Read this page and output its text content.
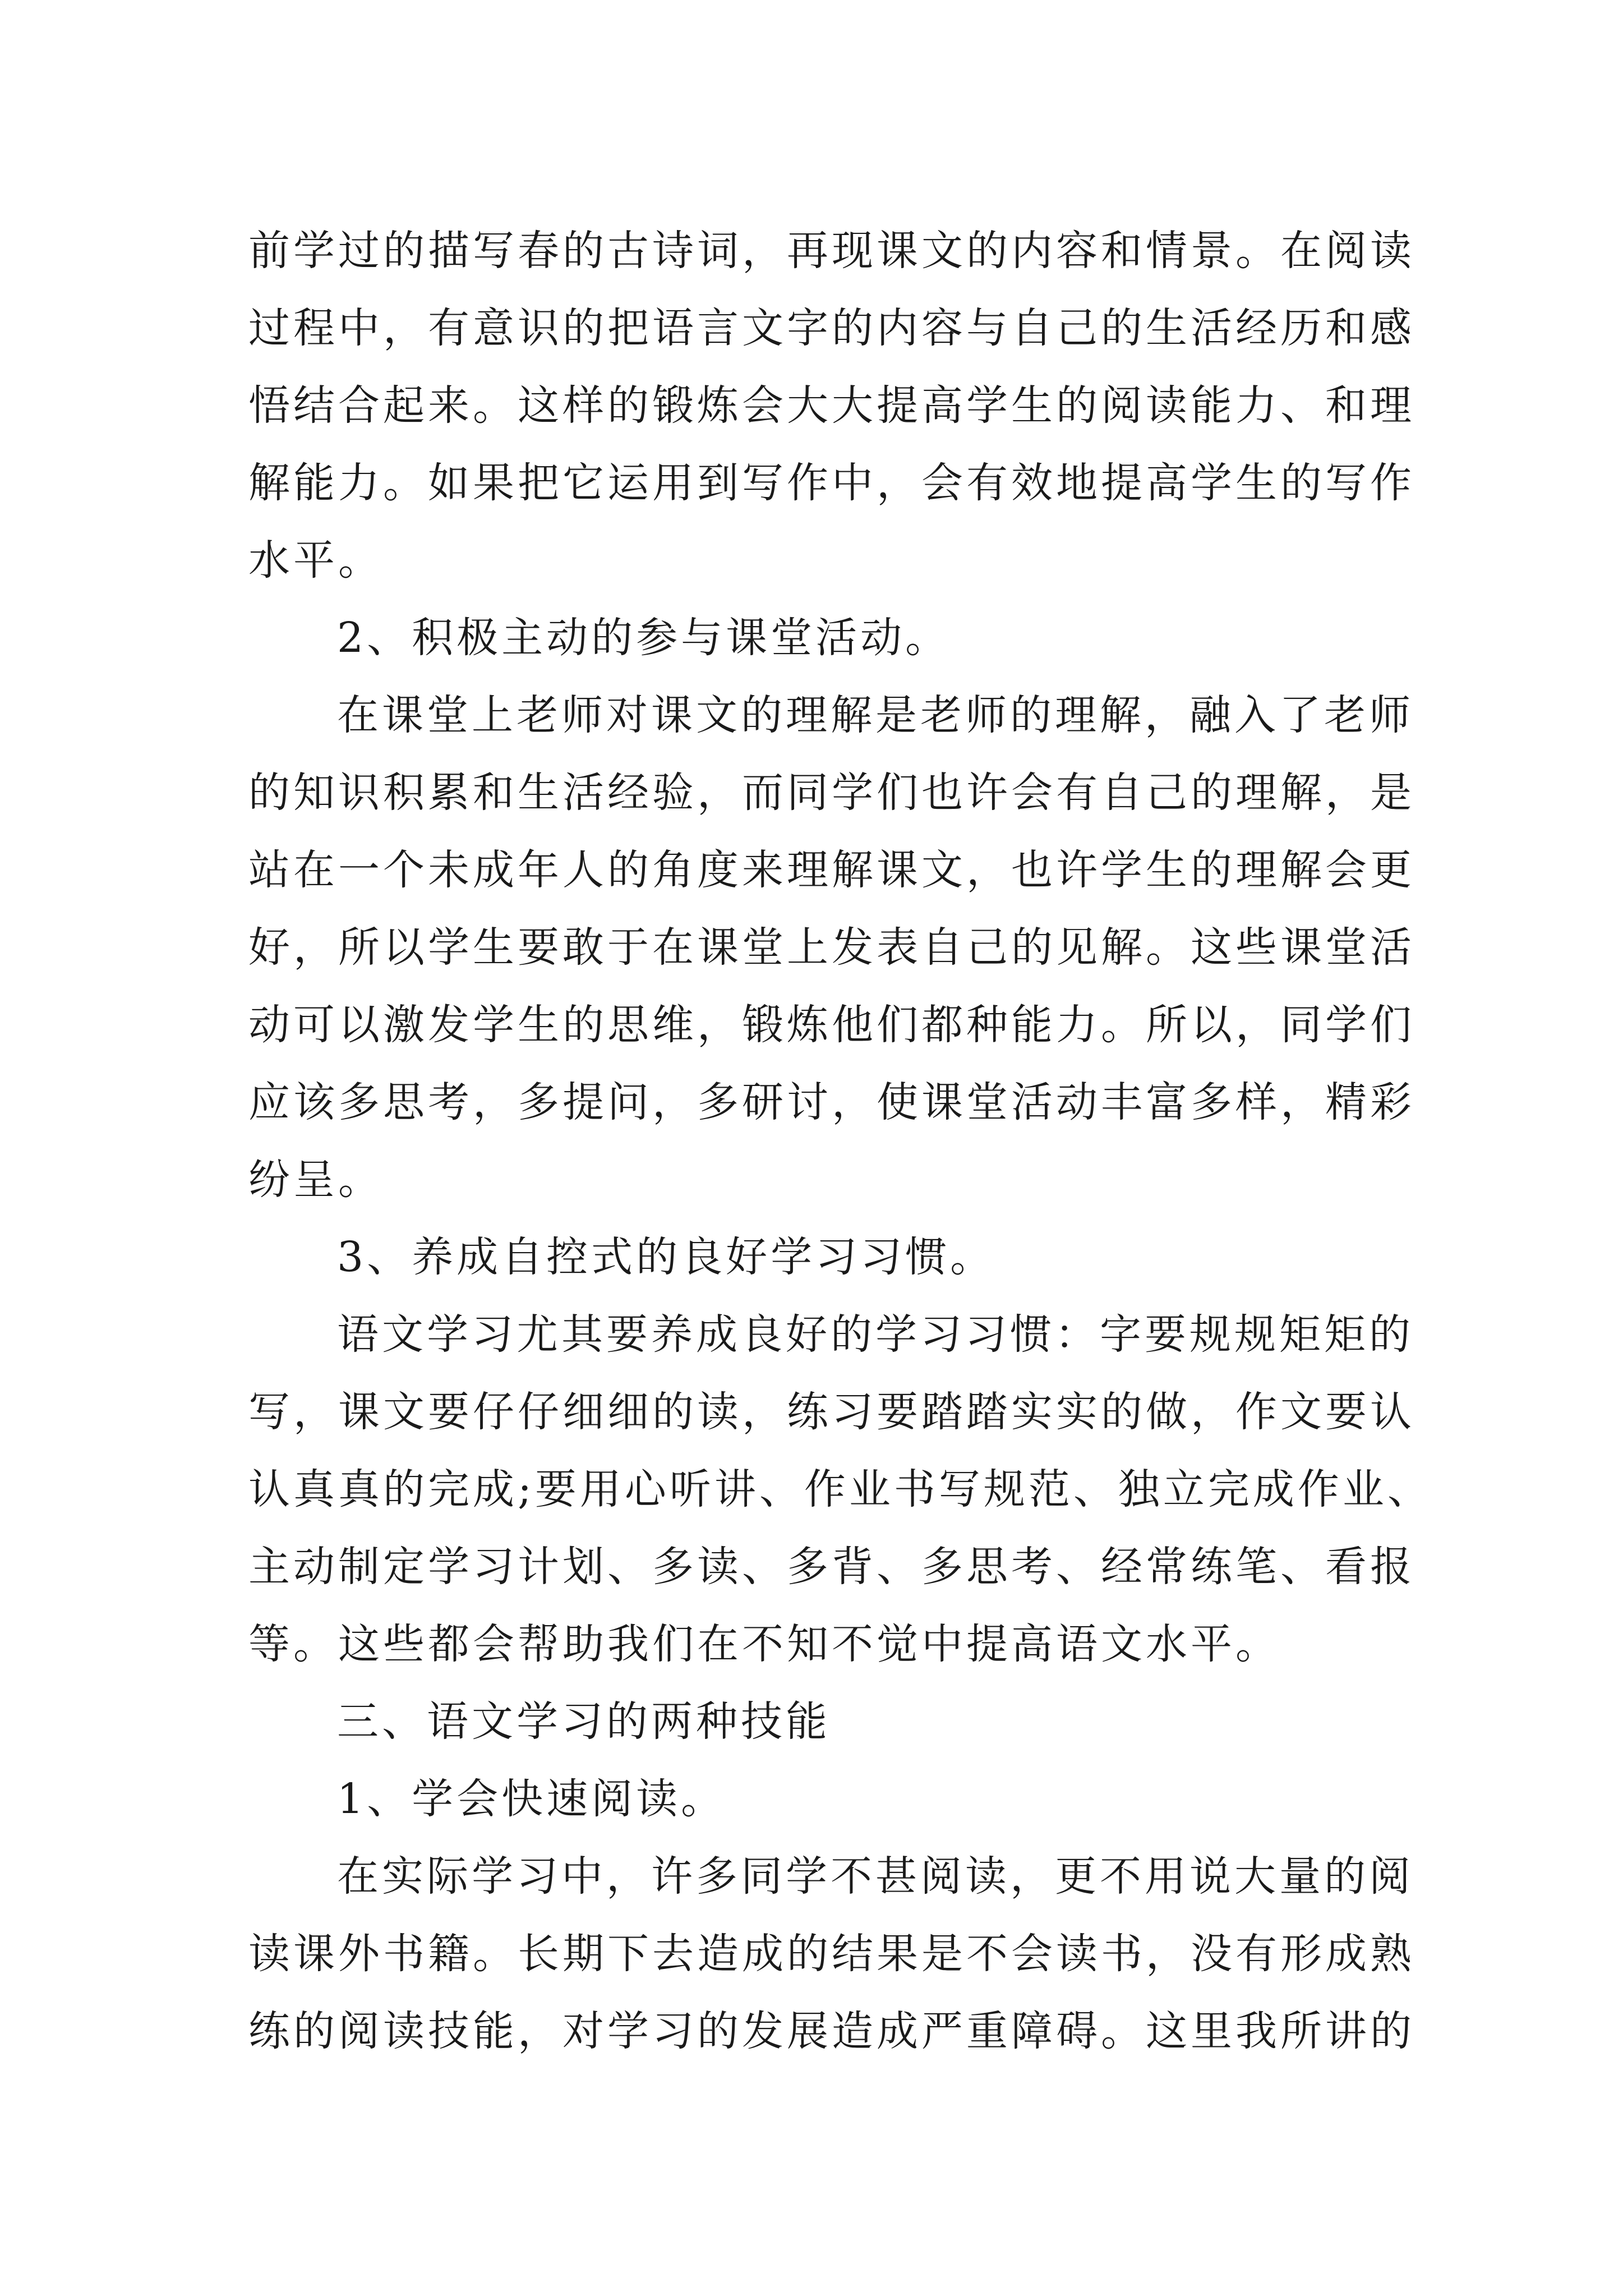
前学过的描写春的古诗词，再现课文的内容和情景。在阅读
过程中，有意识的把语言文字的内容与自己的生活经历和感
悟结合起来。这样的锻炼会大大提高学生的阅读能力、和理
解能力。如果把它运用到写作中，会有效地提高学生的写作
水平。
2、积极主动的参与课堂活动。
在课堂上老师对课文的理解是老师的理解，融入了老师
的知识积累和生活经验，而同学们也许会有自己的理解，是
站在一个未成年人的角度来理解课文，也许学生的理解会更
好，所以学生要敢于在课堂上发表自己的见解。这些课堂活
动可以激发学生的思维，锻炼他们都种能力。所以，同学们
应该多思考，多提问，多研讨，使课堂活动丰富多样，精彩
纷呈。
3、养成自控式的良好学习习惯。
语文学习尤其要养成良好的学习习惯：字要规规矩矩的
写，课文要仔仔细细的读，练习要踏踏实实的做，作文要认
认真真的完成;要用心听讲、作业书写规范、独立完成作业、
主动制定学习计划、多读、多背、多思考、经常练笔、看报
等。这些都会帮助我们在不知不觉中提高语文水平。
三、语文学习的两种技能
1、学会快速阅读。
在实际学习中，许多同学不甚阅读，更不用说大量的阅
读课外书籍。长期下去造成的结果是不会读书，没有形成熟
练的阅读技能，对学习的发展造成严重障碍。这里我所讲的
